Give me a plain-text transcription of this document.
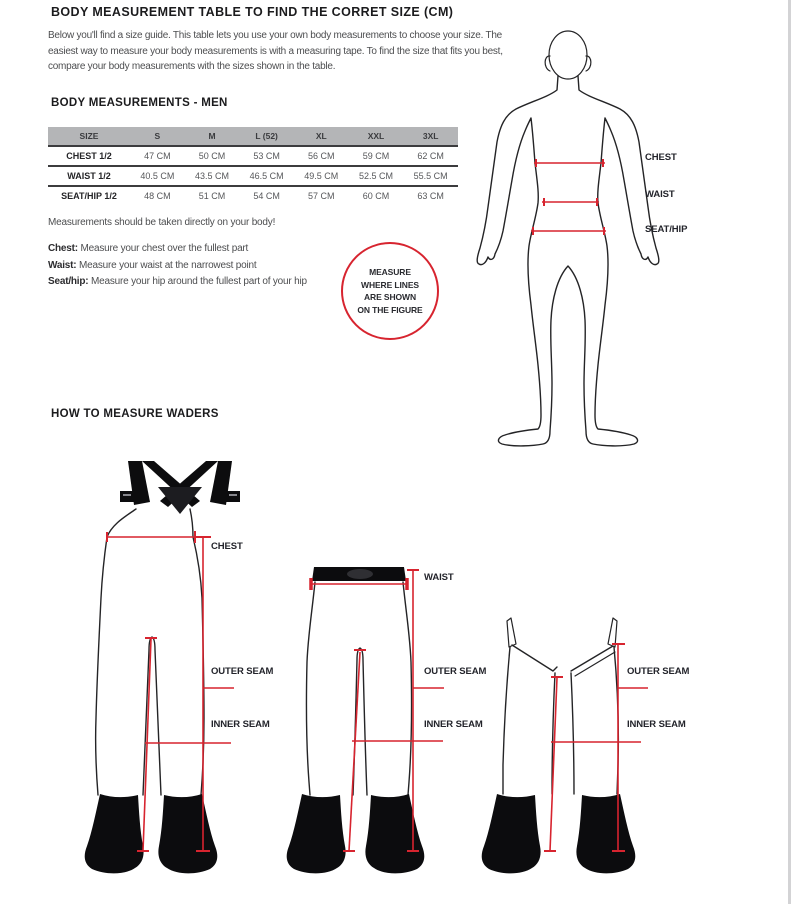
BODY MEASUREMENT TABLE TO FIND THE CORRET SIZE (CM)
Below you'll find a size guide. This table lets you use your own body measurements to choose your size. The easiest way to measure your body measurements is with a measuring tape. To find the size that fits you best, compare your body measurements with the sizes shown in the table.
BODY MEASUREMENTS - MEN
SIZE	S	M	L (52)	XL	XXL	3XL
CHEST 1/2	47 CM	50 CM	53 CM	56 CM	59 CM	62 CM
WAIST 1/2	40.5 CM	43.5 CM	46.5 CM	49.5 CM	52.5 CM	55.5 CM
SEAT/HIP 1/2	48 CM	51 CM	54 CM	57 CM	60 CM	63 CM
Measurements should be taken directly on your body!
Chest: Measure your chest over the fullest part
Waist: Measure your waist at the narrowest point
Seat/hip: Measure your hip around the fullest part of your hip
MEASURE
WHERE LINES
ARE SHOWN
ON THE FIGURE
CHEST
WAIST
SEAT/HIP
HOW TO MEASURE WADERS
CHEST
OUTER SEAM
INNER SEAM
WAIST
OUTER SEAM
INNER SEAM
OUTER SEAM
INNER SEAM
